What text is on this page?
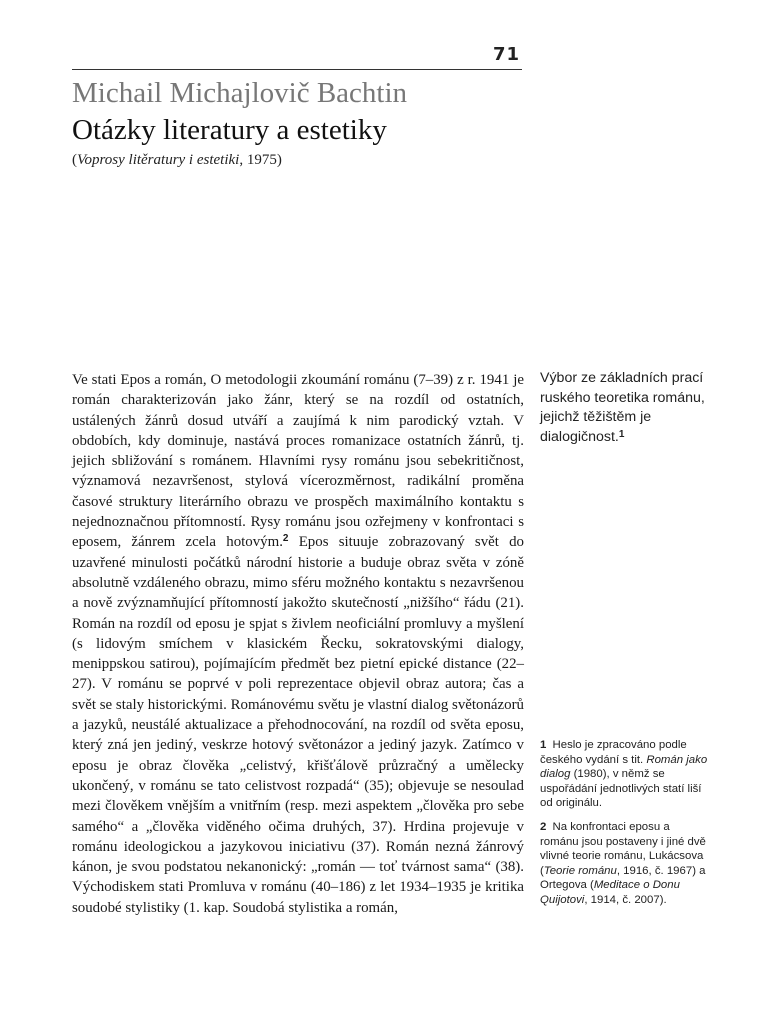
71
Michail Michajlovič Bachtin
Otázky literatury a estetiky
(Voprosy litěratury i estetiki, 1975)
Ve stati Epos a román, O metodologii zkoumání románu (7–39) z r. 1941 je román charakterizován jako žánr, který se na rozdíl od ostatních, ustálených žánrů dosud utváří a zaujímá k nim parodický vztah. V obdobích, kdy dominuje, nastává proces romanizace ostatních žánrů, tj. jejich sbližování s románem. Hlavními rysy románu jsou sebekritičnost, významová nezavršenost, stylová vícerozměrnost, radikální proměna časové struktury literárního obrazu ve prospěch maximálního kontaktu s nejednoznačnou přítomností. Rysy románu jsou ozřejmeny v konfrontaci s eposem, žánrem zcela hotovým.$^2$ Epos situuje zobrazovaný svět do uzavřené minulosti počátků národní historie a buduje obraz světa v zóně absolutně vzdáleného obrazu, mimo sféru možného kontaktu s nezavršenou a nově zvýznamňující přítomností jakožto skutečností „nižšího“ řádu (21). Román na rozdíl od eposu je spjat s živlem neoficiální promluvy a myšlení (s lidovým smíchem v klasickém Řecku, sokratovskými dialogy, menippskou satirou), pojímajícím předmět bez pietní epické distance (22–27). V románu se poprvé v poli reprezentace objevil obraz autora; čas a svět se staly historickými. Románovému světu je vlastní dialog světonázorů a jazyků, neustálé aktualizace a přehodnocování, na rozdíl od světa eposu, který zná jen jediný, veskrze hotový světonázor a jediný jazyk. Zatímco v eposu je obraz člověka „celistvý, křišťálově průzračný a umělecky ukončený, v románu se tato celistvost rozpadá“ (35); objevuje se nesoulad mezi člověkem vnějším a vnitřním (resp. mezi aspektem „člověka pro sebe samého“ a „člověka viděného očima druhých, 37). Hrdina projevuje v románu ideologickou a jazykovou iniciativu (37). Román nezná žánrový kánon, je svou podstatou nekanonický: „román — toť tvárnost sama“ (38). Východiskem stati Promluva v románu (40–186) z let 1934–1935 je kritika soudobé stylistiky (1. kap. Soudobá stylistika a román,
Výbor ze základních prací ruského teoretika románu, jejichž těžištěm je dialogičnost.$^1$
1 Heslo je zpracováno podle českého vydání s tit. Román jako dialog (1980), v němž se uspořádání jednotlivých statí liší od originálu.
2 Na konfrontaci eposu a románu jsou postaveny i jiné dvě vlivné teorie románu, Lukácsova (Teorie románu, 1916, č. 1967) a Ortegova (Meditace o Donu Quijotovi, 1914, č. 2007).
